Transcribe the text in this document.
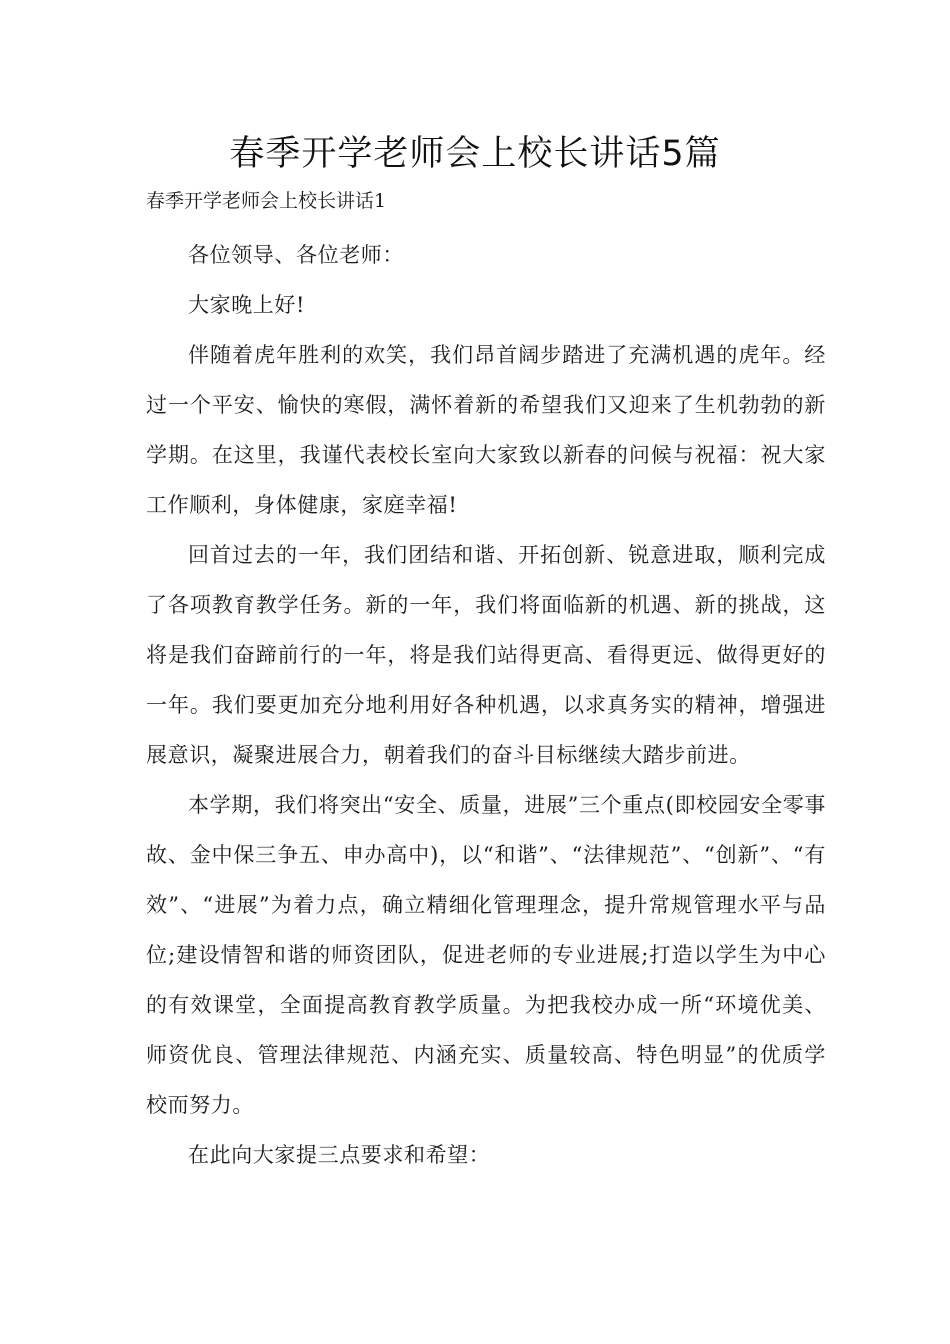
春季开学老师会上校长讲话5篇

春季开学老师会上校长讲话1

各位领导、各位老师：

大家晚上好!

伴随着虎年胜利的欢笑，我们昂首阔步踏进了充满机遇的虎年。经过一个平安、愉快的寒假，满怀着新的希望我们又迎来了生机勃勃的新学期。在这里，我谨代表校长室向大家致以新春的问候与祝福：祝大家工作顺利，身体健康，家庭幸福!

回首过去的一年，我们团结和谐、开拓创新、锐意进取，顺利完成了各项教育教学任务。新的一年，我们将面临新的机遇、新的挑战，这将是我们奋蹄前行的一年，将是我们站得更高、看得更远、做得更好的一年。我们要更加充分地利用好各种机遇，以求真务实的精神，增强进展意识，凝聚进展合力，朝着我们的奋斗目标继续大踏步前进。

本学期，我们将突出“安全、质量，进展”三个重点(即校园安全零事故、金中保三争五、申办高中)，以“和谐”、“法律规范”、“创新”、“有效”、“进展”为着力点，确立精细化管理理念，提升常规管理水平与品位;建设情智和谐的师资团队，促进老师的专业进展;打造以学生为中心的有效课堂，全面提高教育教学质量。为把我校办成一所“环境优美、师资优良、管理法律规范、内涵充实、质量较高、特色明显”的优质学校而努力。

在此向大家提三点要求和希望：
